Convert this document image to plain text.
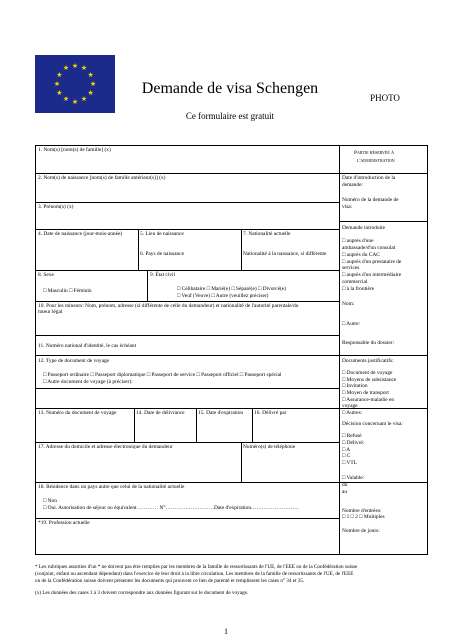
★ ★
★
★
★
★
★
★
★
★
★
★
Demande de visa Schengen
Ce formulaire est gratuit
PHOTO
1. Nom(s) [nom(s) de famille] (x)
2. Nom(s) de naissance [nom(s) de famille antérieur(s)] (x)
3. Prénom(s) (x)
4. Date de naissance (jour-mois-année)	5. Lieu de naissance
6. Pays de naissance
7. Nationalité actuelle
Nationalité à la naissance, si différente
8. Sexe
□ Masculin □ Féminin
9. État civil
□ Célibataire □ Marié(e) □ Séparé(e) □ Divorcé(e)
□ Veuf (Veuve) □ Autre (veuillez préciser)
10. Pour les mineurs: Nom, prénom, adresse (si différente de celle du demandeur) et nationalité de l'autorité parentale/du
tuteur légal
11. Numéro national d'identité, le cas échéant
12. Type de document de voyage
□ Passeport ordinaire □ Passeport diplomatique □ Passeport de service □ Passeport officiel □ Passeport spécial
□ Autre document de voyage (à préciser):
13. Numéro du document de voyage	14. Date de délivrance	15. Date d'expiration 16. Délivré par
17. Adresse du domicile et adresse électronique du demandeur	Numéro(s) de téléphone
18. Résidence dans un pays autre que celui de la nationalité actuelle
□ Non
□ Oui. Autorisation de séjour ou équivalent………… N°………………………Date d'expiration………………………
*19. Profession actuelle
Partie réservée à
l'administration
Date d'introduction de la
demande:
Numéro de la demande de
visa:
Demande introduite
□ auprès d'une
ambassade/d'un consulat
□ auprès du CAC
□ auprès d'un prestataire de
services
□ auprès d'un intermédiaire
commercial
□ à la frontière
Nom:
□ Autre:
Responsable du dossier:
Documents justificatifs:
□ Document de voyage
□ Moyens de subsistance
□ Invitation
□ Moyen de transport
□ Assurance-maladie en
voyage
□ Autres:
Décision concernant le visa:
□ Refusé
□ Délivré:
□ A
□ C
□ VTL
□ Valable:
du
au
Nombre d'entrées:
□ 1 □ 2 □ Multiples
Nombre de jours:
* Les rubriques assorties d'un * ne doivent pas être remplies par les membres de la famille de ressortissants de l'UE, de l'EEE ou de la Confédération suisse
(conjoint, enfant ou ascendant dépendant) dans l'exercice de leur droit à la libre circulation. Les membres de la famille de ressortissants de l'UE, de l'EEE
ou de la Confédération suisse doivent présenter les documents qui prouvent ce lien de parenté et remplissent les cases n° 34 et 35.
(x) Les données des cases 1 à 3 doivent correspondre aux données figurant sur le document de voyage.
1
